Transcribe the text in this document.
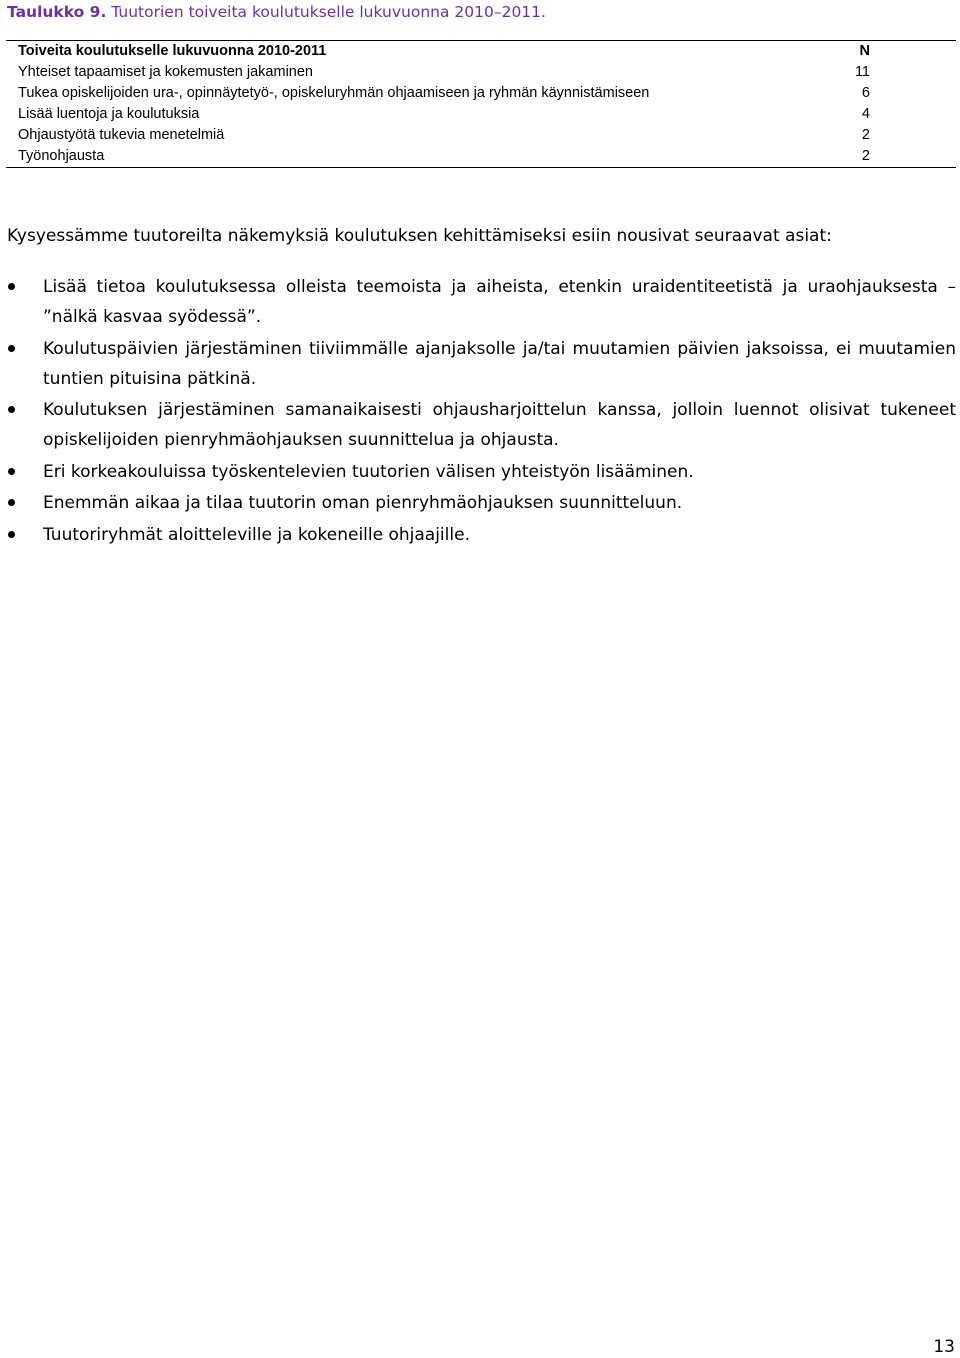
Taulukko 9. Tuutorien toiveita koulutukselle lukuvuonna 2010–2011.
Toiveita koulutukselle lukuvuonna 2010-2011	N
Yhteiset tapaamiset ja kokemusten jakaminen	11
Tukea opiskelijoiden ura-, opinnäytetyö-, opiskeluryhmän ohjaamiseen ja ryhmän käynnistämiseen	6
Lisää luentoja ja koulutuksia	4
Ohjaustyötä tukevia menetelmiä	2
Työnohjausta	2

Kysyessämme tuutoreilta näkemyksiä koulutuksen kehittämiseksi esiin nousivat seuraavat asiat:

Lisää tietoa koulutuksessa olleista teemoista ja aiheista, etenkin uraidentiteetistä ja uraohjauksesta – ”nälkä kasvaa syödessä”.
Koulutuspäivien järjestäminen tiiviimmälle ajanjaksolle ja/tai muutamien päivien jaksoissa, ei muutamien tuntien pituisina pätkinä.
Koulutuksen järjestäminen samanaikaisesti ohjausharjoittelun kanssa, jolloin luennot olisivat tukeneet opiskelijoiden pienryhmäohjauksen suunnittelua ja ohjausta.
Eri korkeakouluissa työskentelevien tuutorien välisen yhteistyön lisääminen.
Enemmän aikaa ja tilaa tuutorin oman pienryhmäohjauksen suunnitteluun.
Tuutoriryhmät aloitteleville ja kokeneille ohjaajille.
13
